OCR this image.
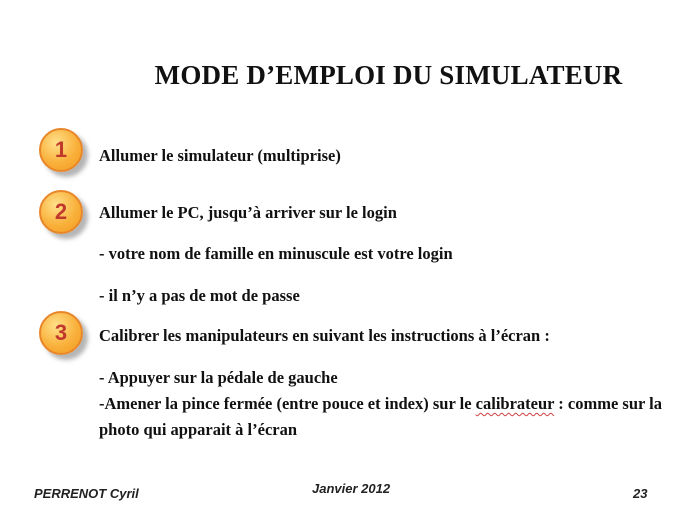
MODE D’EMPLOI DU SIMULATEUR
1 Allumer le simulateur (multiprise)
2 Allumer le PC, jusqu’à arriver sur le login
- votre nom de famille en minuscule est votre login
- il n’y a pas de mot de passe
3 Calibrer les manipulateurs en suivant les instructions à l’écran :
- Appuyer sur la pédale de gauche
-Amener la pince fermée (entre pouce et index) sur le calibrateur : comme sur la photo qui apparait à l’écran
PERRENOT Cyril	Janvier 2012	23
